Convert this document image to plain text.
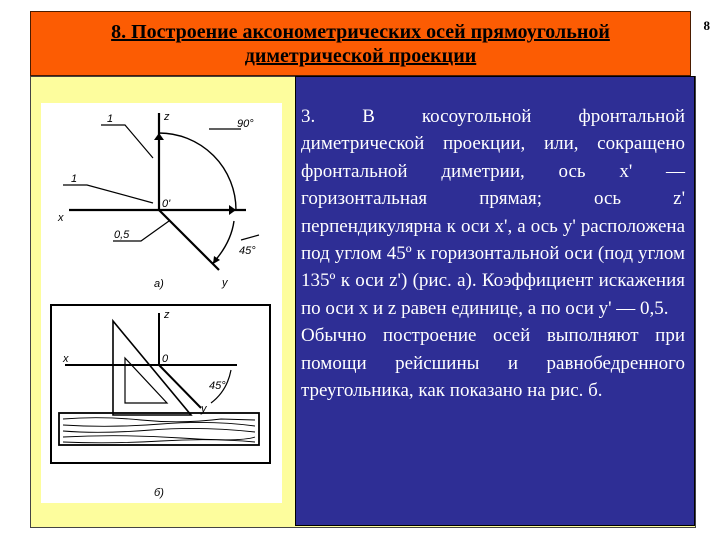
8
8. Построение аксонометрических осей прямоугольной диметрической проекции
z
x
y
0'
1
1
0,5
90°
45°
а)
z
x
y
0
45°
б)

3. В косоугольной фронтальной диметрической проекции, или, сокращено фронтальной диметрии, ось x' — горизонтальная прямая; ось z' перпендикулярна к оси x', а ось у' расположена под углом 45º к горизонтальной оси (под углом 135º к оси z') (рис. а). Коэффициент искажения по оси x и z равен единице, а по оси у' — 0,5.

Обычно построение осей выполняют при помощи рейсшины и равнобедренного треугольника, как показано на рис. б.
